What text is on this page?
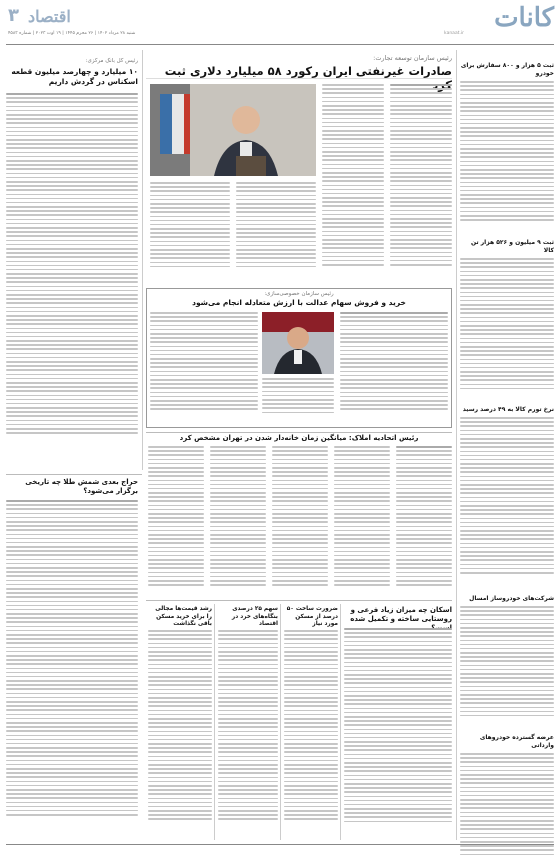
کانات
kanaat.ir
اقتصاد
۳
شنبه ۲۸ مرداد ۱۴۰۲ | ۲۶ محرم ۱۴۴۵ | ۱۹ اوت ۲۰۲۳ | شماره ۴۵۸۳
ثبت ۵ هزار و ۸۰۰ سفارش برای خودرو
ثبت ۹ میلیون و ۵۲۶ هزار تن کالا
نرخ تورم کالا به ۴۹ درصد رسید
شرکت‌های خودروساز امسال
عرضه گسترده خودروهای وارداتی
رئیس کل بانک مرکزی:
۱۰ میلیارد و چهارصد میلیون قطعه اسکناس در گردش داریم
رئیس سازمان توسعه تجارت:
صادرات غیرنفتی ایران رکورد ۵۸ میلیارد دلاری ثبت
رئیس سازمان خصوصی‌سازی:
خرید و فروش سهام عدالت با ارزش متعادله انجام می‌شود
رئیس اتحادیه املاک: میانگین زمان خانه‌دار شدن در تهران مشخص کرد
حراج بعدی شمش طلا چه تاریخی برگزار می‌شود؟
اسکان چه میزان زیاد فرعی و روستایی ساخته و تکمیل شده
ضرورت ساخت ۵۰ درصد از مسکن مورد نیاز
سهم ۲۵ درصدی بنگاه‌های خرد در اقتصاد
رشد قیمت‌ها مجالی را برای خرید مسکن باقی نگذاشت
